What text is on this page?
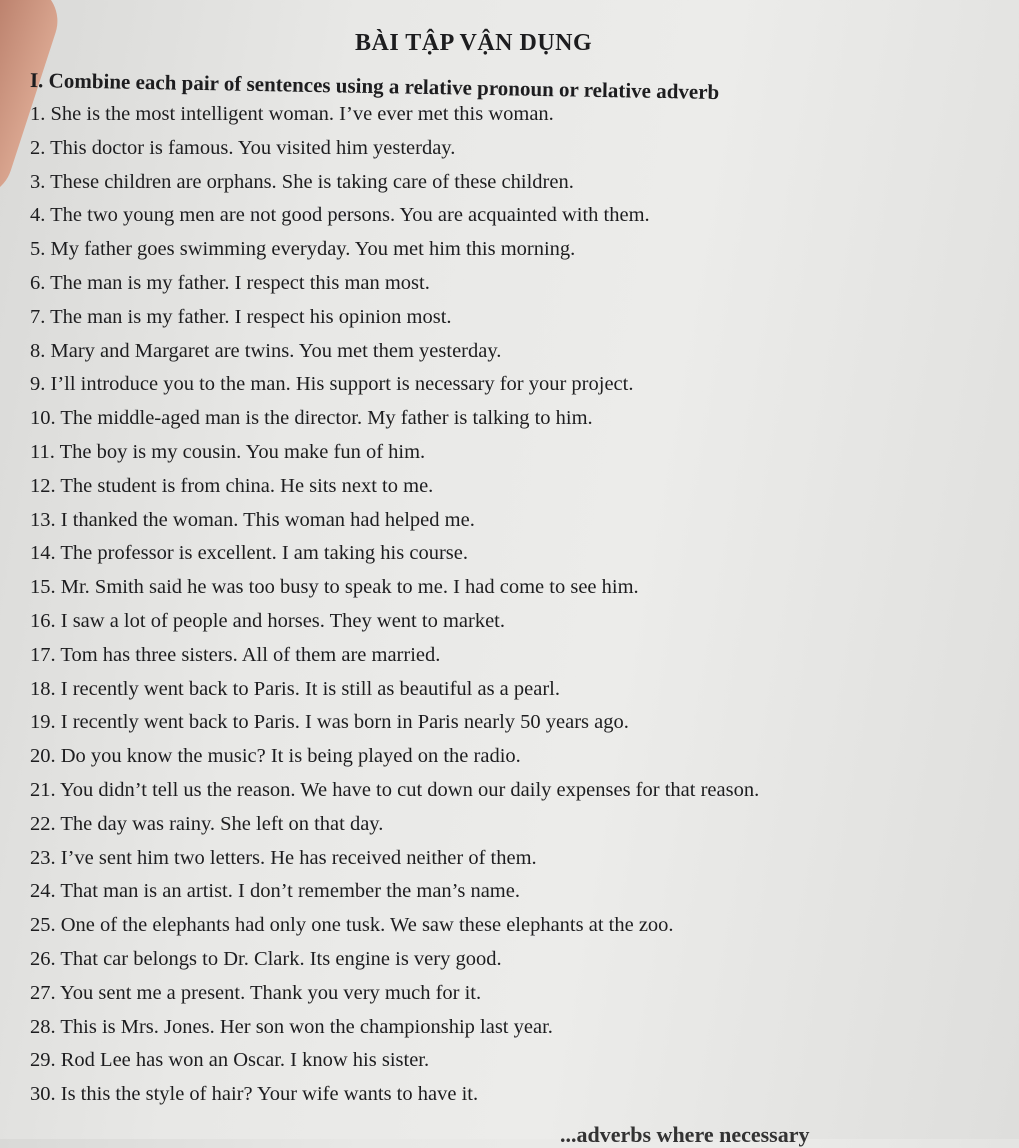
BÀI TẬP VẬN DỤNG
I. Combine each pair of sentences using a relative pronoun or relative adverb
1. She is the most intelligent woman. I’ve ever met this woman.
2. This doctor is famous. You visited him yesterday.
3. These children are orphans. She is taking care of these children.
4. The two young men are not good persons. You are acquainted with them.
5. My father goes swimming everyday. You met him this morning.
6. The man is my father. I respect this man most.
7. The man is my father. I respect his opinion most.
8. Mary and Margaret are twins. You met them yesterday.
9. I’ll introduce you to the man. His support is necessary for your project.
10. The middle-aged man is the director. My father is talking to him.
11. The boy is my cousin. You make fun of him.
12. The student is from china. He sits next to me.
13. I thanked the woman. This woman had helped me.
14. The professor is excellent. I am taking his course.
15. Mr. Smith said he was too busy to speak to me. I had come to see him.
16. I saw a lot of people and horses. They went to market.
17. Tom has three sisters. All of them are married.
18. I recently went back to Paris. It is still as beautiful as a pearl.
19. I recently went back to Paris. I was born in Paris nearly 50 years ago.
20. Do you know the music? It is being played on the radio.
21. You didn’t tell us the reason. We have to cut down our daily expenses for that reason.
22. The day was rainy. She left on that day.
23. I’ve sent him two letters. He has received neither of them.
24. That man is an artist. I don’t remember the man’s name.
25. One of the elephants had only one tusk. We saw these elephants at the zoo.
26. That car belongs to Dr. Clark. Its engine is very good.
27. You sent me a present. Thank you very much for it.
28. This is Mrs. Jones. Her son won the championship last year.
29. Rod Lee has won an Oscar. I know his sister.
30. Is this the style of hair? Your wife wants to have it.
...adverbs where necessary
